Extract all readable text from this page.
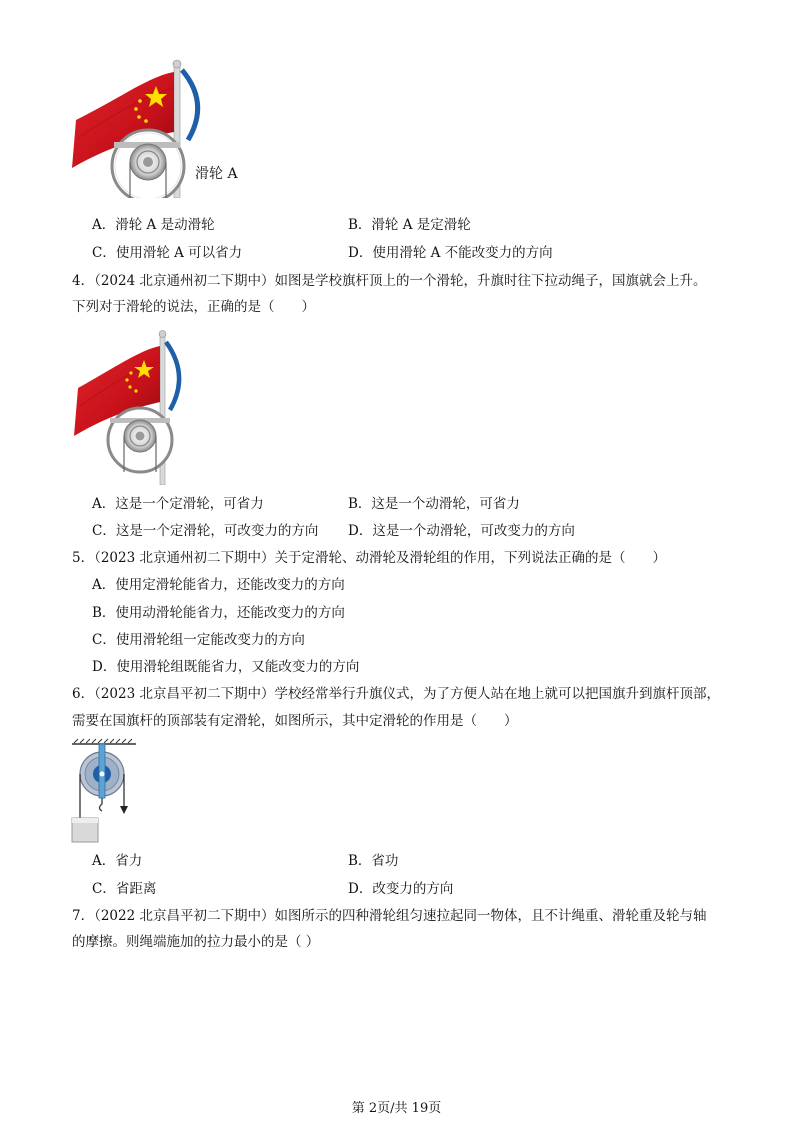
滑轮 A
A．滑轮 A 是动滑轮	B．滑轮 A 是定滑轮
C．使用滑轮 A 可以省力	D．使用滑轮 A 不能改变力的方向
4．（2024 北京通州初二下期中）如图是学校旗杆顶上的一个滑轮，升旗时往下拉动绳子，国旗就会上升。
下列对于滑轮的说法，正确的是（　　）
A．这是一个定滑轮，可省力	B．这是一个动滑轮，可省力
C．这是一个定滑轮，可改变力的方向 D．这是一个动滑轮，可改变力的方向
5．（2023 北京通州初二下期中）关于定滑轮、动滑轮及滑轮组的作用，下列说法正确的是（　　）
A．使用定滑轮能省力，还能改变力的方向
B．使用动滑轮能省力，还能改变力的方向
C．使用滑轮组一定能改变力的方向
D．使用滑轮组既能省力，又能改变力的方向
6．（2023 北京昌平初二下期中）学校经常举行升旗仪式，为了方便人站在地上就可以把国旗升到旗杆顶部，
需要在国旗杆的顶部装有定滑轮，如图所示，其中定滑轮的作用是（　　）
A．省力	B．省功
C．省距离	D．改变力的方向
7．（2022 北京昌平初二下期中）如图所示的四种滑轮组匀速拉起同一物体，且不计绳重、滑轮重及轮与轴
的摩擦。则绳端施加的拉力最小的是（ ）
第 2页/共 19页
